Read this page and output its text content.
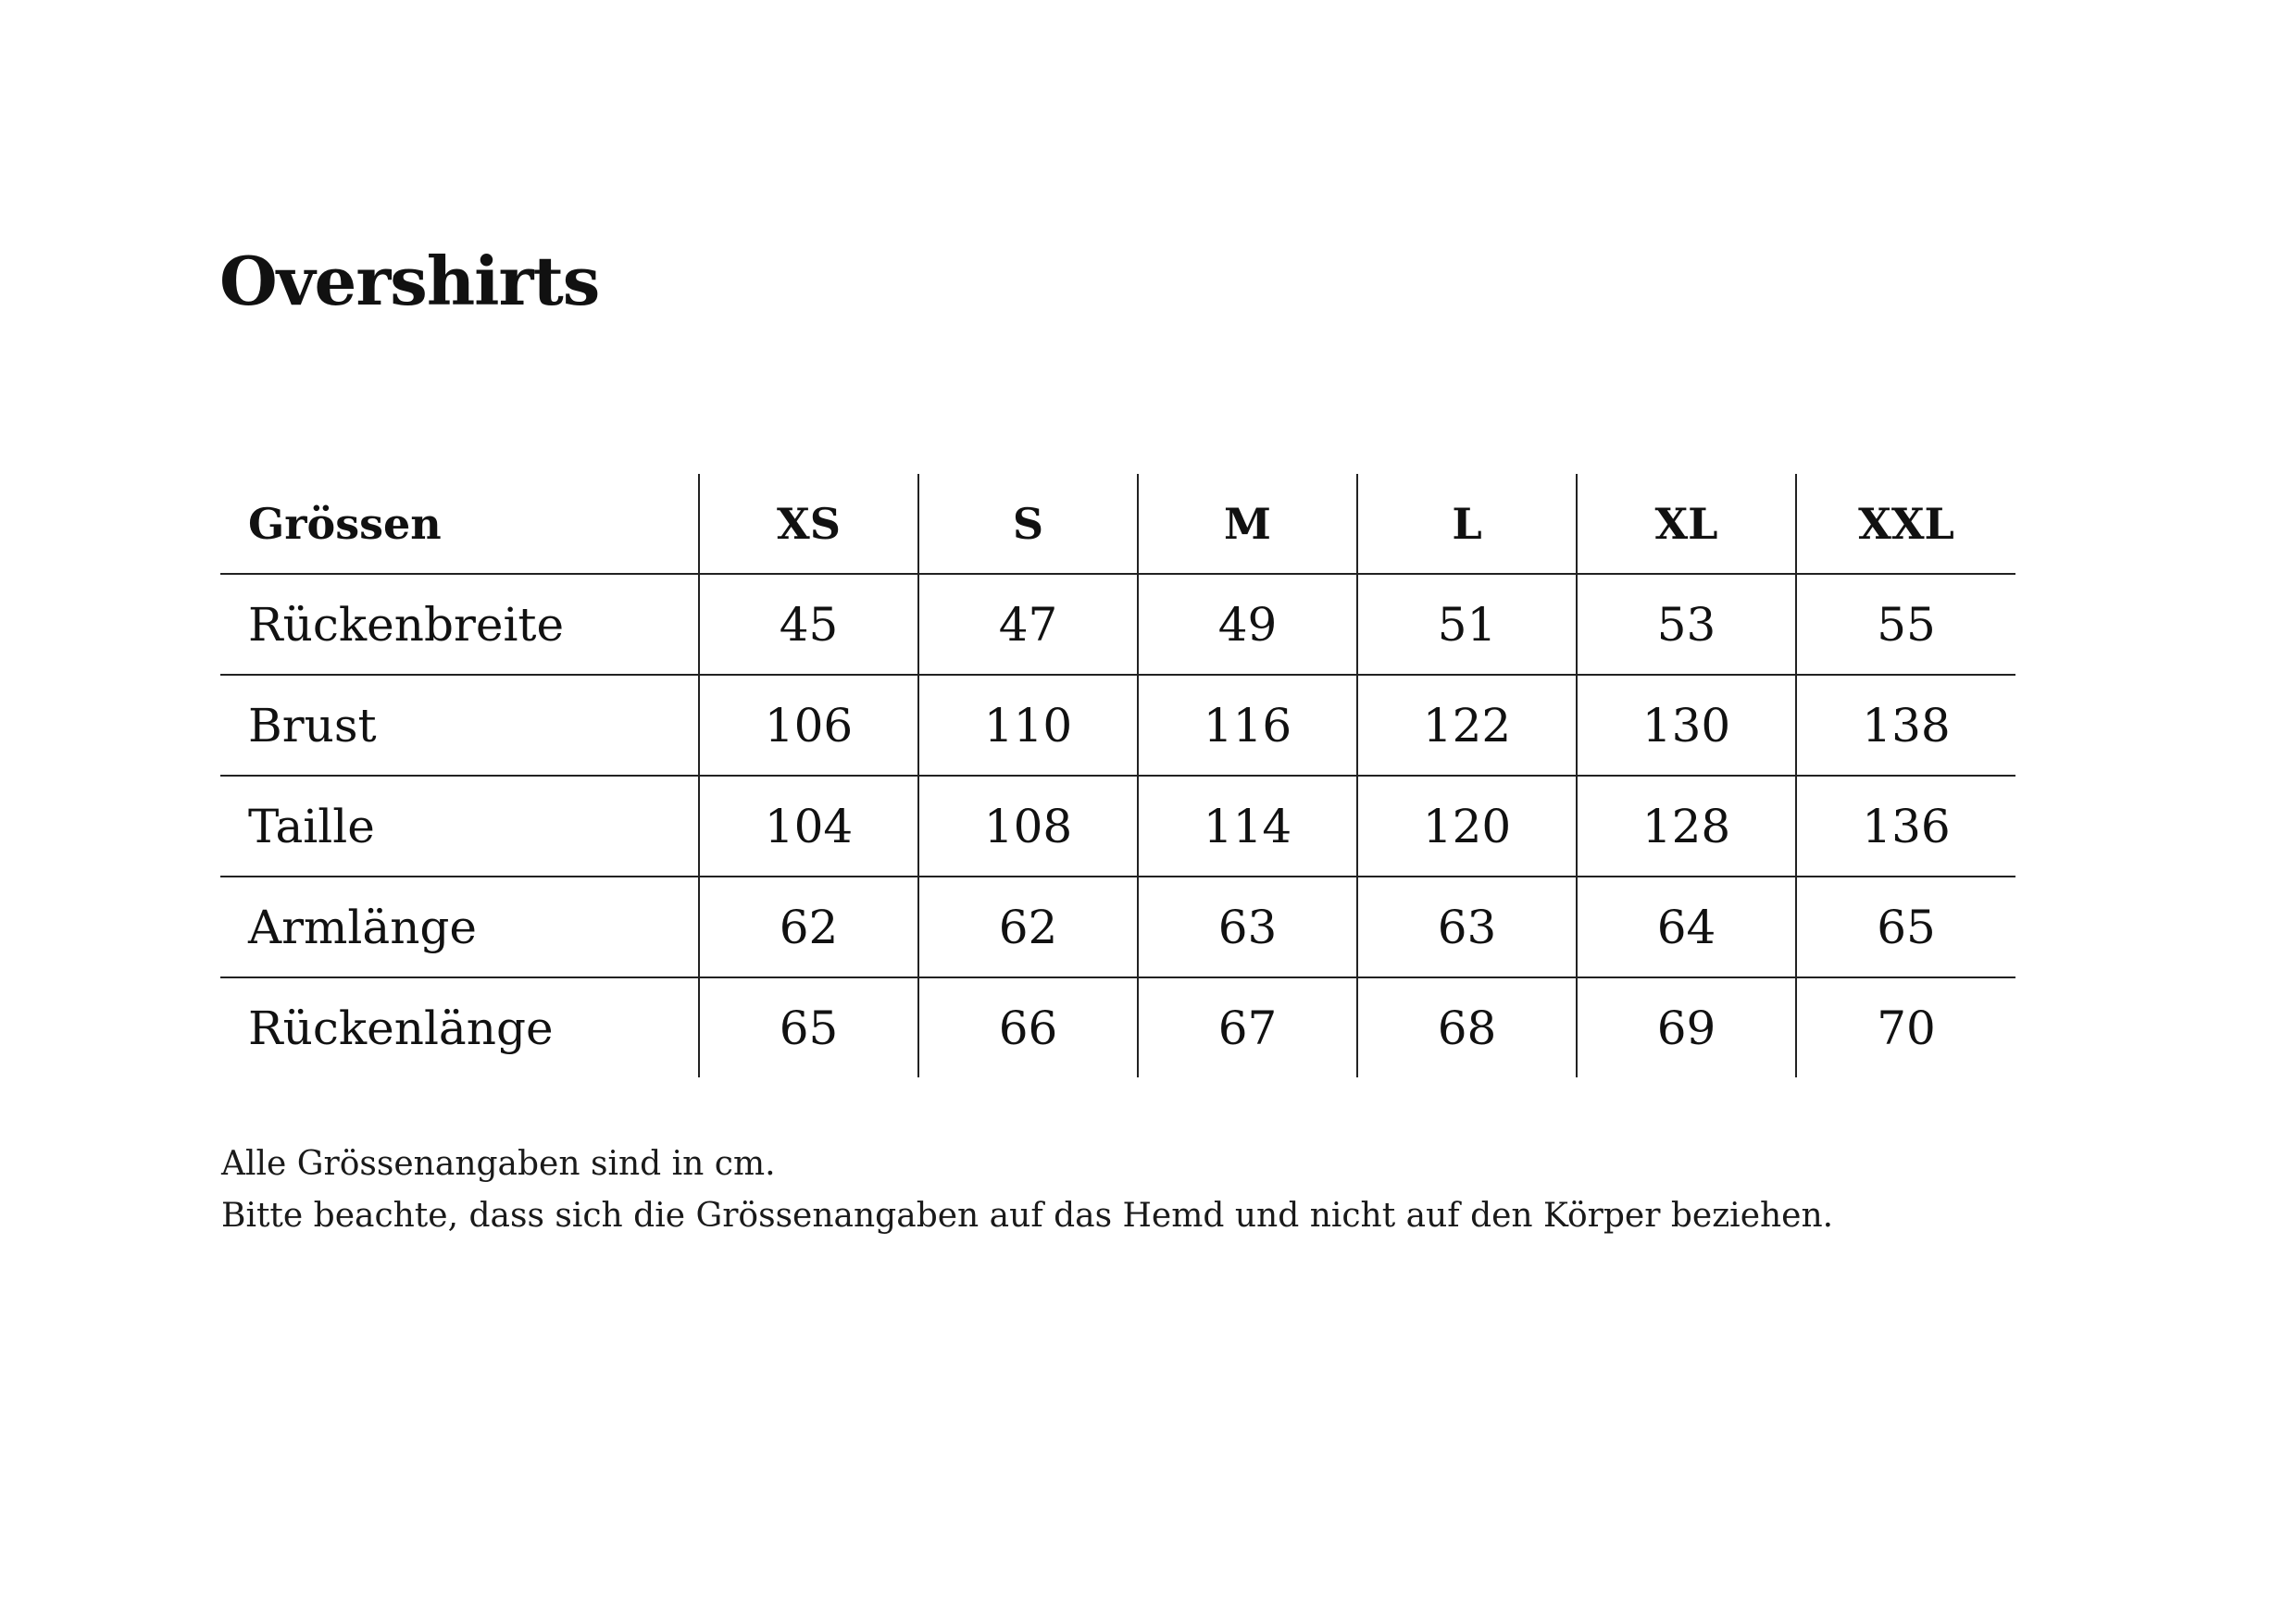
Overshirts
Grössen	XS	S	M	L	XL	XXL
Rückenbreite	45	47	49	51	53	55
Brust	106	110	116	122	130	138
Taille	104	108	114	120	128	136
Armlänge	62	62	63	63	64	65
Rückenlänge	65	66	67	68	69	70

Alle Grössenangaben sind in cm.

Bitte beachte, dass sich die Grössenangaben auf das Hemd und nicht auf den Körper beziehen.
